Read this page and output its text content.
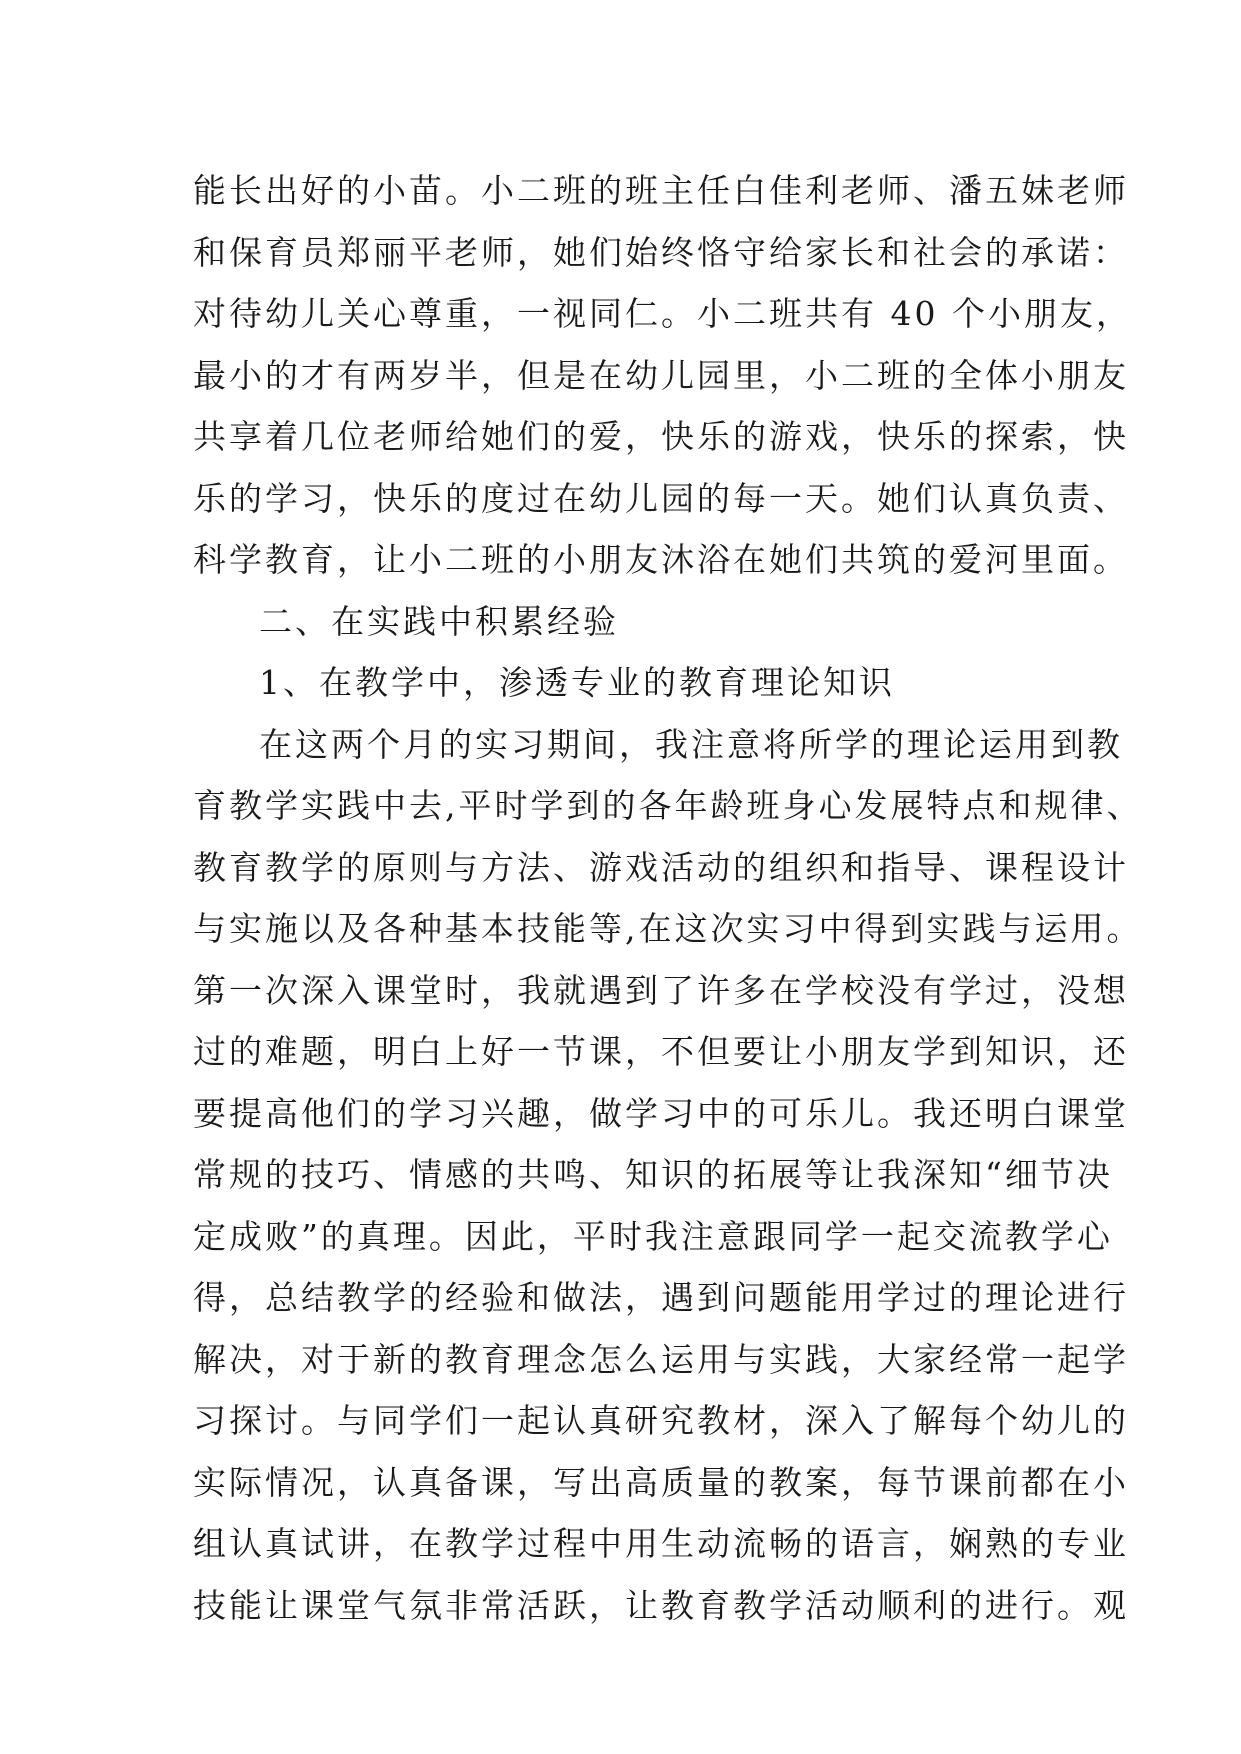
能长出好的小苗。小二班的班主任白佳利老师、潘五妹老师
和保育员郑丽平老师，她们始终恪守给家长和社会的承诺：
对待幼儿关心尊重，一视同仁。小二班共有 40 个小朋友，
最小的才有两岁半，但是在幼儿园里，小二班的全体小朋友
共享着几位老师给她们的爱，快乐的游戏，快乐的探索，快
乐的学习，快乐的度过在幼儿园的每一天。她们认真负责、
科学教育，让小二班的小朋友沐浴在她们共筑的爱河里面。
二、在实践中积累经验
1、在教学中，渗透专业的教育理论知识
在这两个月的实习期间，我注意将所学的理论运用到教
育教学实践中去,平时学到的各年龄班身心发展特点和规律、
教育教学的原则与方法、游戏活动的组织和指导、课程设计
与实施以及各种基本技能等,在这次实习中得到实践与运用。
第一次深入课堂时，我就遇到了许多在学校没有学过，没想
过的难题，明白上好一节课，不但要让小朋友学到知识，还
要提高他们的学习兴趣，做学习中的可乐儿。我还明白课堂
常规的技巧、情感的共鸣、知识的拓展等让我深知“细节决
定成败”的真理。因此，平时我注意跟同学一起交流教学心
得，总结教学的经验和做法，遇到问题能用学过的理论进行
解决，对于新的教育理念怎么运用与实践，大家经常一起学
习探讨。与同学们一起认真研究教材，深入了解每个幼儿的
实际情况，认真备课，写出高质量的教案，每节课前都在小
组认真试讲，在教学过程中用生动流畅的语言，娴熟的专业
技能让课堂气氛非常活跃，让教育教学活动顺利的进行。观
